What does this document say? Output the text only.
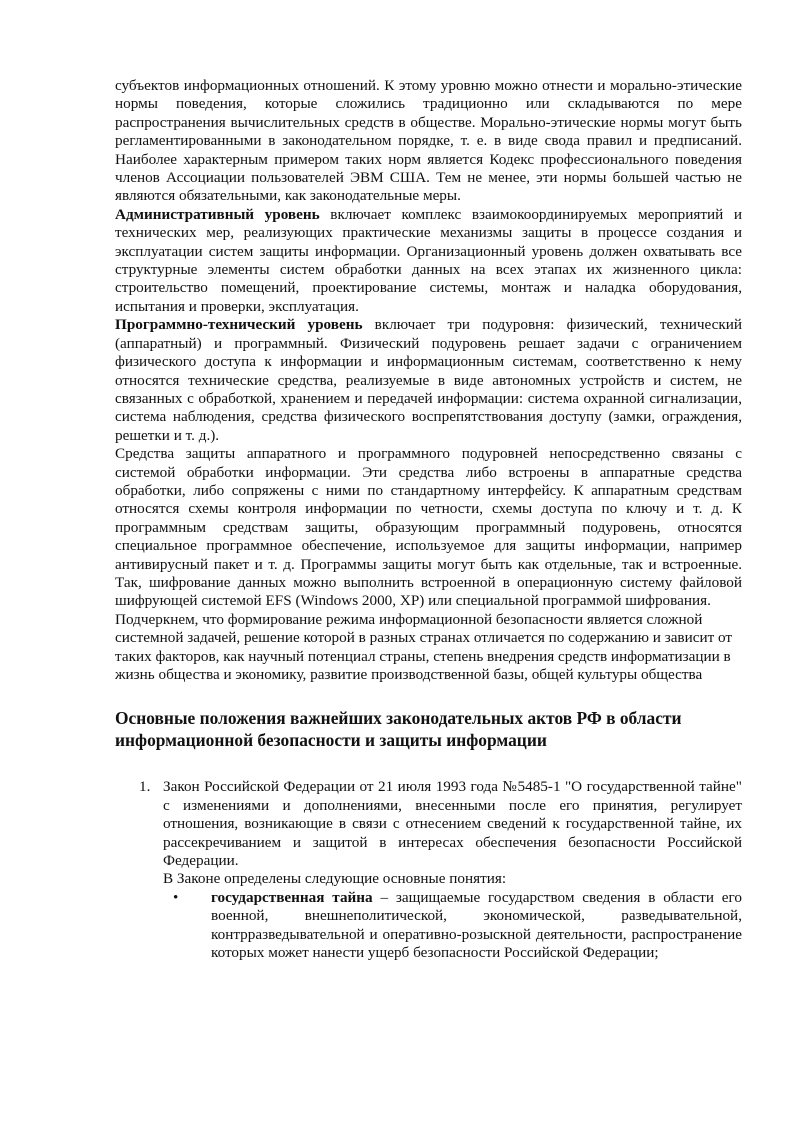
субъектов информационных отношений. К этому уровню можно отнести и морально-этические нормы поведения, которые сложились традиционно или складываются по мере распространения вычислительных средств в обществе. Морально-этические нормы могут быть регламентированными в законодательном порядке, т. е. в виде свода правил и предписаний. Наиболее характерным примером таких норм является Кодекс профессионального поведения членов Ассоциации пользователей ЭВМ США. Тем не менее, эти нормы большей частью не являются обязательными, как законодательные меры.

Административный уровень включает комплекс взаимокоординируемых мероприятий и технических мер, реализующих практические механизмы защиты в процессе создания и эксплуатации систем защиты информации. Организационный уровень должен охватывать все структурные элементы систем обработки данных на всех этапах их жизненного цикла: строительство помещений, проектирование системы, монтаж и наладка оборудования, испытания и проверки, эксплуатация.

Программно-технический уровень включает три подуровня: физический, технический (аппаратный) и программный. Физический подуровень решает задачи с ограничением физического доступа к информации и информационным системам, соответственно к нему относятся технические средства, реализуемые в виде автономных устройств и систем, не связанных с обработкой, хранением и передачей информации: система охранной сигнализации, система наблюдения, средства физического воспрепятствования доступу (замки, ограждения, решетки и т. д.).

Средства защиты аппаратного и программного подуровней непосредственно связаны с системой обработки информации. Эти средства либо встроены в аппаратные средства обработки, либо сопряжены с ними по стандартному интерфейсу. К аппаратным средствам относятся схемы контроля информации по четности, схемы доступа по ключу и т. д. К программным средствам защиты, образующим программный подуровень, относятся специальное программное обеспечение, используемое для защиты информации, например антивирусный пакет и т. д. Программы защиты могут быть как отдельные, так и встроенные. Так, шифрование данных можно выполнить встроенной в операционную систему файловой шифрующей системой EFS (Windows 2000, XP) или специальной программой шифрования.

Подчеркнем, что формирование режима информационной безопасности является сложной системной задачей, решение которой в разных странах отличается по содержанию и зависит от таких факторов, как научный потенциал страны, степень внедрения средств информатизации в жизнь общества и экономику, развитие производственной базы, общей культуры общества

Основные положения важнейших законодательных актов РФ в области информационной безопасности и защиты информации
1. Закон Российской Федерации от 21 июля 1993 года №5485-1 "О государственной тайне" с изменениями и дополнениями, внесенными после его принятия, регулирует отношения, возникающие в связи с отнесением сведений к государственной тайне, их рассекречиванием и защитой в интересах обеспечения безопасности Российской Федерации.

В Законе определены следующие основные понятия:

• государственная тайна – защищаемые государством сведения в области его военной, внешнеполитической, экономической, разведывательной, контрразведывательной и оперативно-розыскной деятельности, распространение которых может нанести ущерб безопасности Российской Федерации;
